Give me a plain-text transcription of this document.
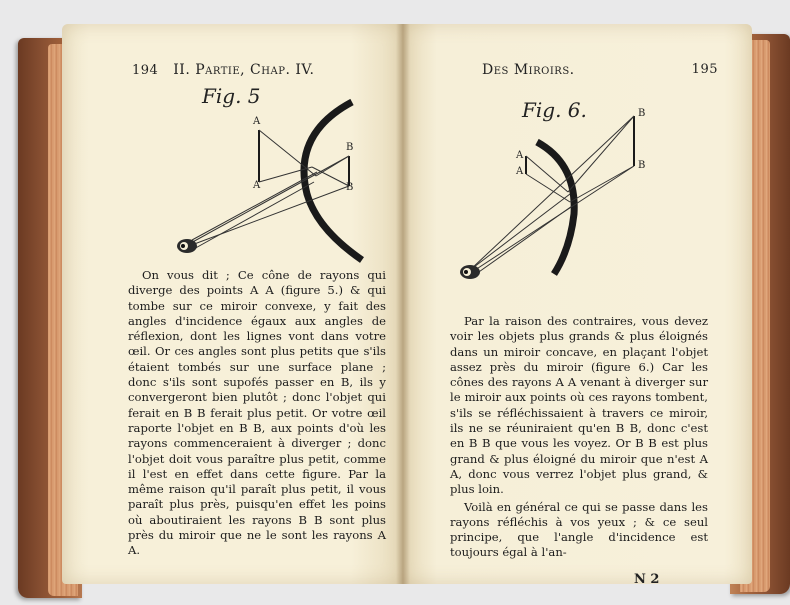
194 II. Partie, Chap. IV.
Fig. 5
A
A
B
B

On vous dit ; Ce cône de rayons qui diverge des points A A (figure 5.) & qui tombe sur ce miroir convexe, y fait des angles d'incidence égaux aux angles de réflexion, dont les lignes vont dans votre œil. Or ces angles sont plus petits que s'ils étaient tombés sur une surface plane ; donc s'ils sont supofés passer en B, ils y convergeront bien plutôt ; donc l'objet qui ferait en B B ferait plus petit. Or votre œil raporte l'objet en B B, aux points d'où les rayons commenceraient à diverger ; donc l'objet doit vous paraître plus petit, comme il l'est en effet dans cette figure. Par la même raison qu'il paraît plus petit, il vous paraît plus près, puisqu'en effet les poins où aboutiraient les rayons B B sont plus près du miroir que ne le sont les rayons A A.

Des Miroirs.	195
Fig. 6.
A
A
B
B

Par la raison des contraires, vous devez voir les objets plus grands & plus éloignés dans un miroir concave, en plaçant l'objet assez près du miroir (figure 6.) Car les cônes des rayons A A venant à diverger sur le miroir aux points où ces rayons tombent, s'ils se réfléchissaient à travers ce miroir, ils ne se réuniraient qu'en B B, donc c'est en B B que vous les voyez. Or B B est plus grand & plus éloigné du miroir que n'est A A, donc vous verrez l'objet plus grand, & plus loin.

Voilà en général ce qui se passe dans les rayons réfléchis à vos yeux ; & ce seul principe, que l'angle d'incidence est toujours égal à l'an-

N 2
